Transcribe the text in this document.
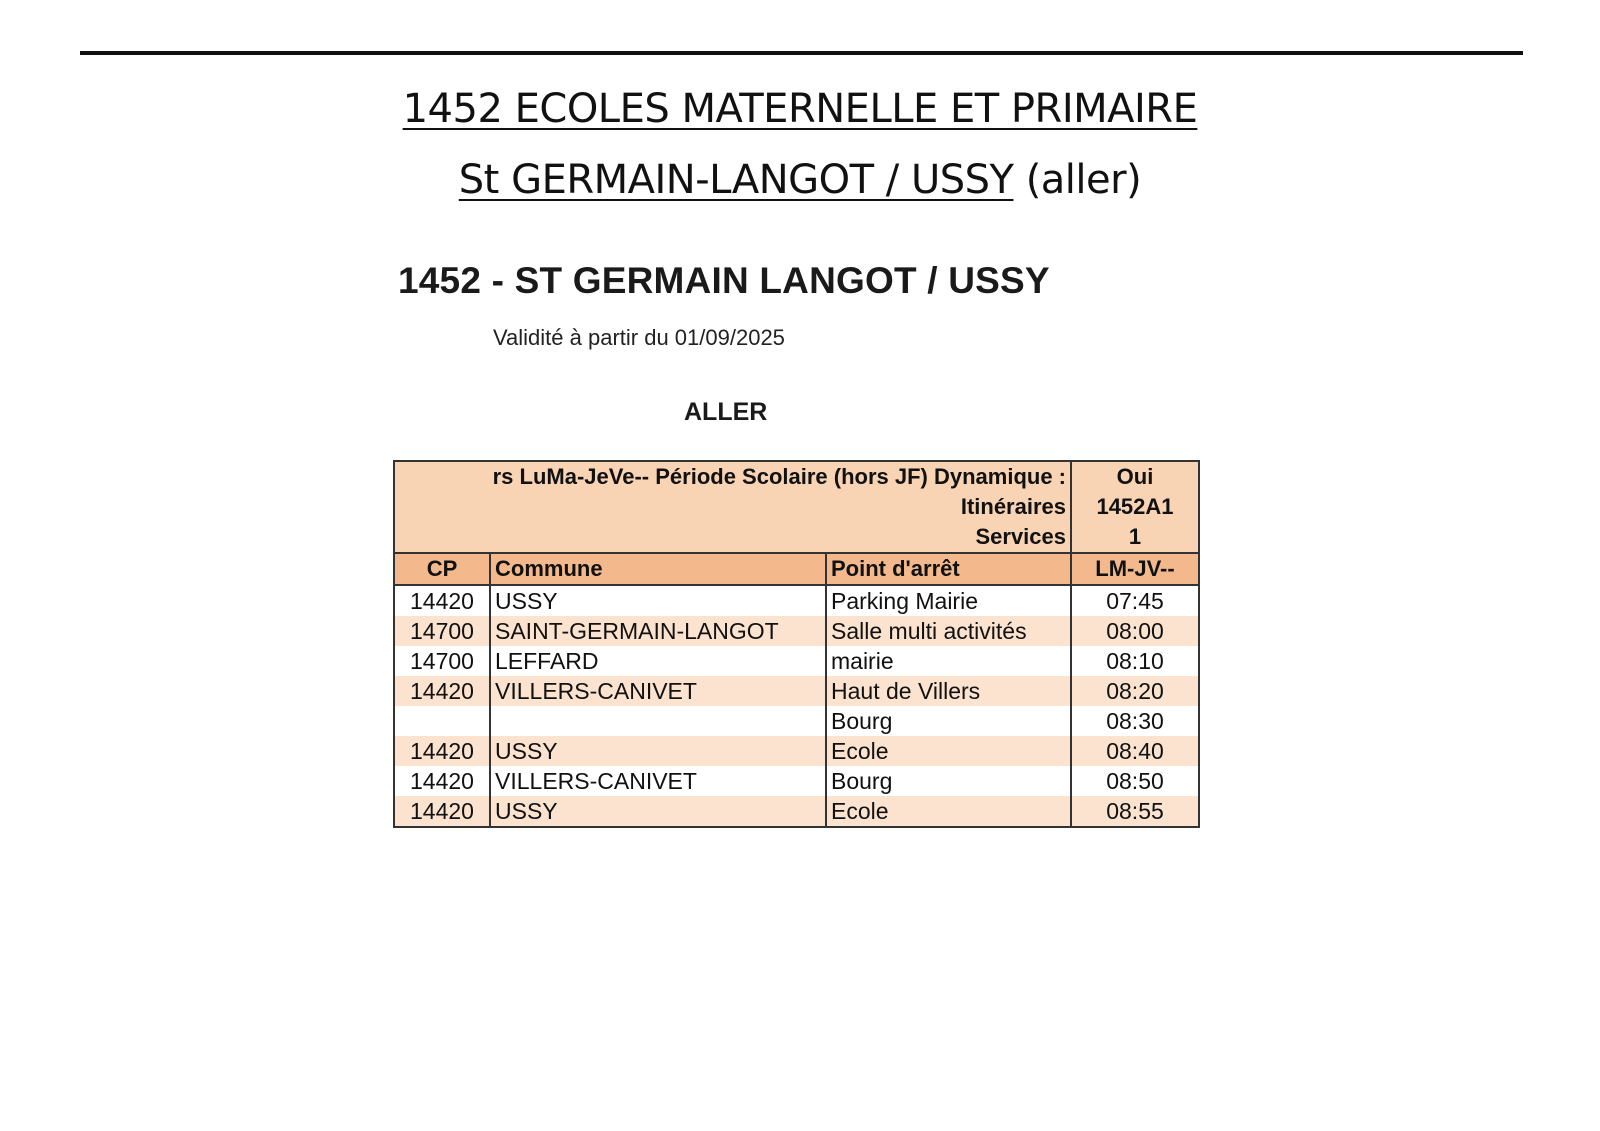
1452 ECOLES MATERNELLE ET PRIMAIRE
St GERMAIN-LANGOT / USSY (aller)
1452 - ST GERMAIN LANGOT / USSY
Validité à partir du 01/09/2025
ALLER
rs LuMa-JeVe-- Période Scolaire (hors JF) Dynamique :			Oui
Itinéraires			1452A1
Services			1
CP	Commune	Point d'arrêt	LM-JV--
14420	USSY	Parking Mairie	07:45
14700	SAINT-GERMAIN-LANGOT	Salle multi activités	08:00
14700	LEFFARD	mairie	08:10
14420	VILLERS-CANIVET	Haut de Villers	08:20
		Bourg	08:30
14420	USSY	Ecole	08:40
14420	VILLERS-CANIVET	Bourg	08:50
14420	USSY	Ecole	08:55
